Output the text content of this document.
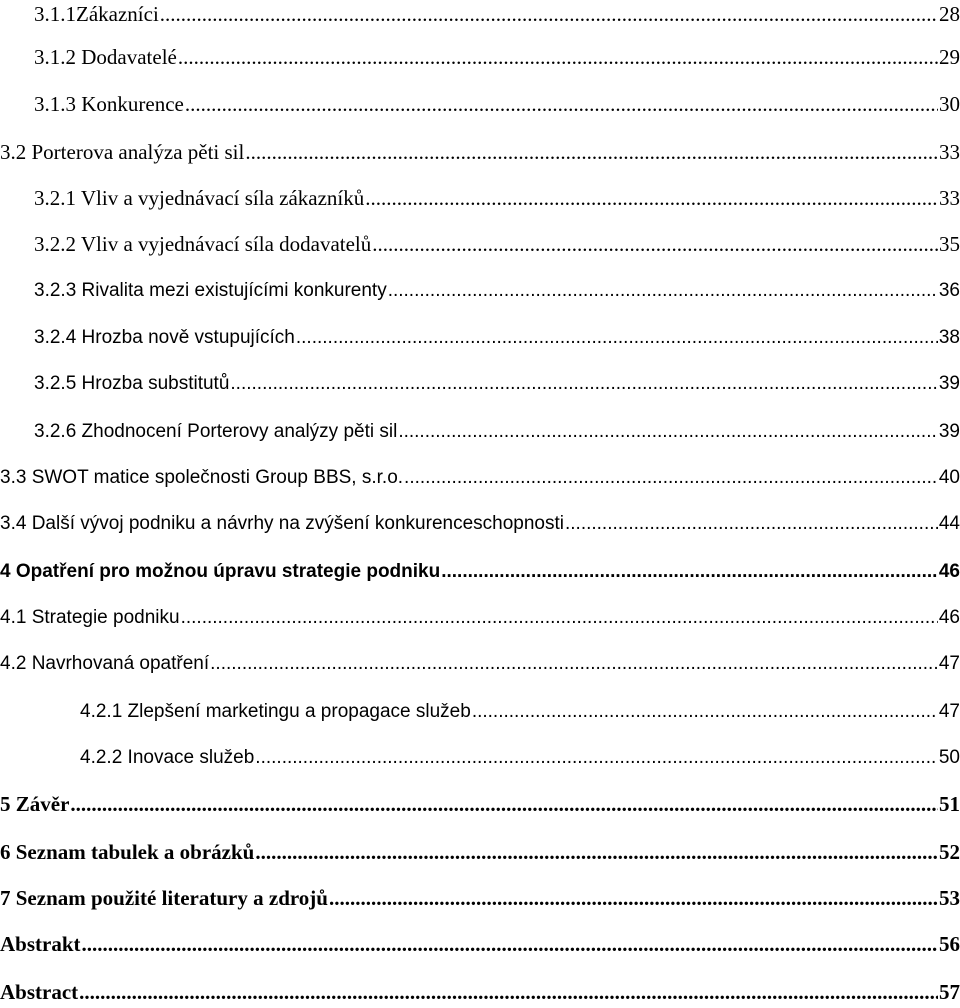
3.1.1Zákazníci .....	28
3.1.2 Dodavatelé .....	29
3.1.3 Konkurence .....	30
3.2 Porterova analýza pěti sil .....	33
3.2.1 Vliv a vyjednávací síla zákazníků .....	33
3.2.2 Vliv a vyjednávací síla dodavatelů .....	35
3.2.3 Rivalita mezi existujícími konkurenty .....	36
3.2.4 Hrozba nově vstupujících .....	38
3.2.5 Hrozba substitutů .....	39
3.2.6 Zhodnocení Porterovy analýzy pěti sil .....	39
3.3 SWOT matice společnosti Group BBS, s.r.o. .....	40
3.4 Další vývoj podniku a návrhy na zvýšení konkurenceschopnosti .....	44
4 Opatření pro možnou úpravu strategie podniku .....	46
4.1 Strategie podniku .....	46
4.2 Navrhovaná opatření .....	47
4.2.1 Zlepšení marketingu a propagace služeb .....	47
4.2.2 Inovace služeb .....	50
5 Závěr .....	51
6 Seznam tabulek a obrázků .....	52
7 Seznam použité literatury a zdrojů .....	53
Abstrakt .....	56
Abstract .....	57
